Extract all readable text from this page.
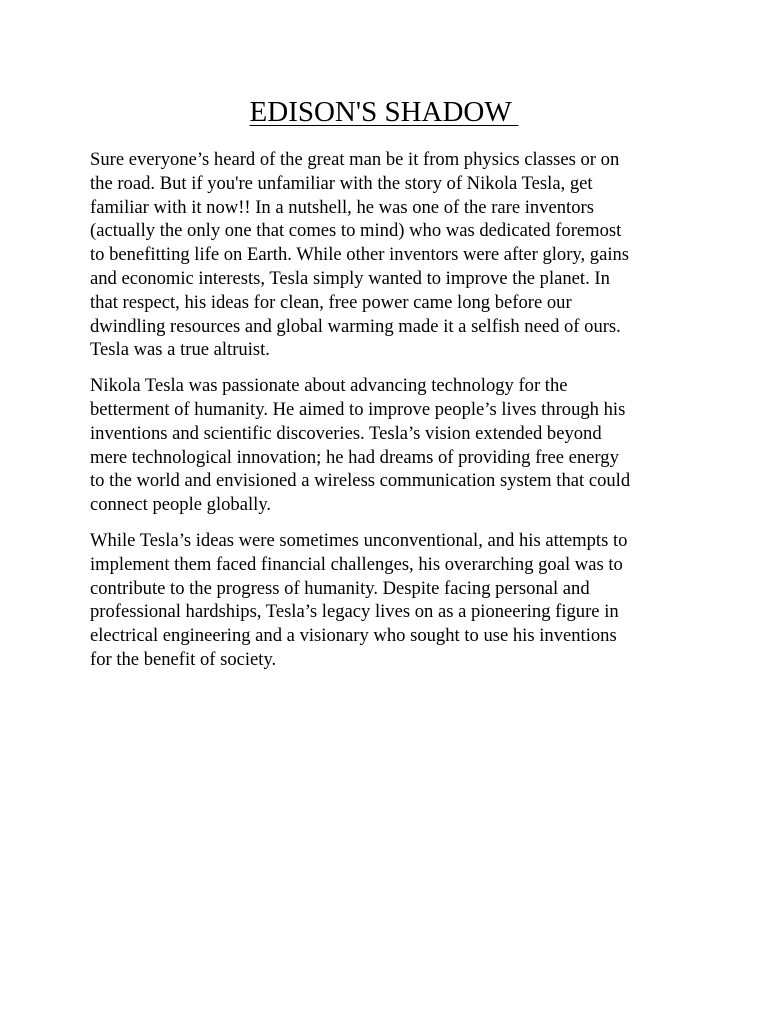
EDISON'S SHADOW

Sure everyone’s heard of the great man be it from physics classes or on
the road. But if you're unfamiliar with the story of Nikola Tesla, get
familiar with it now!! In a nutshell, he was one of the rare inventors
(actually the only one that comes to mind) who was dedicated foremost
to benefitting life on Earth. While other inventors were after glory, gains
and economic interests, Tesla simply wanted to improve the planet. In
that respect, his ideas for clean, free power came long before our
dwindling resources and global warming made it a selfish need of ours.
Tesla was a true altruist.

Nikola Tesla was passionate about advancing technology for the
betterment of humanity. He aimed to improve people’s lives through his
inventions and scientific discoveries. Tesla’s vision extended beyond
mere technological innovation; he had dreams of providing free energy
to the world and envisioned a wireless communication system that could
connect people globally.

While Tesla’s ideas were sometimes unconventional, and his attempts to
implement them faced financial challenges, his overarching goal was to
contribute to the progress of humanity. Despite facing personal and
professional hardships, Tesla’s legacy lives on as a pioneering figure in
electrical engineering and a visionary who sought to use his inventions
for the benefit of society.
